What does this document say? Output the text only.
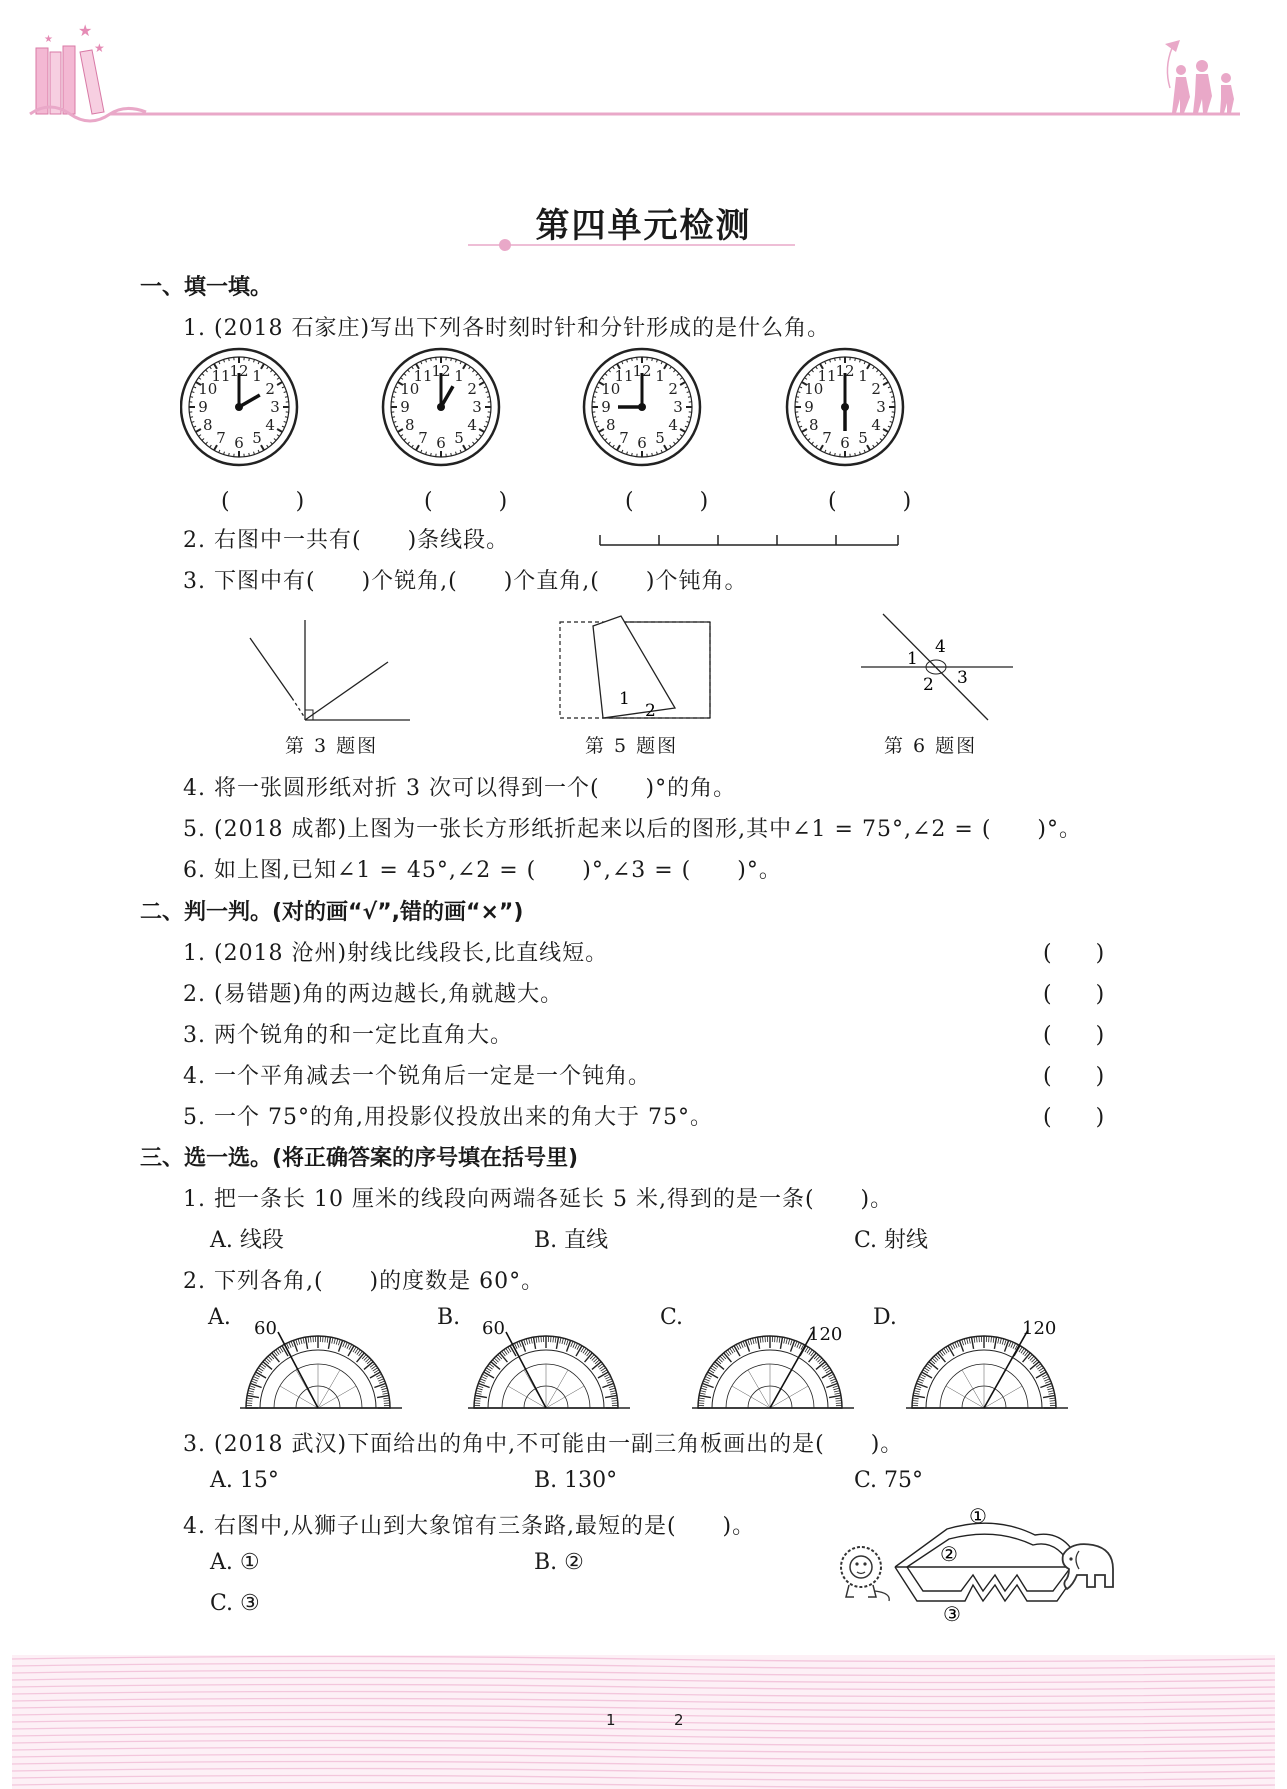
★
★
★
第四单元检测
一、填一填。
1. (2018 石家庄)写出下列各时刻时针和分针形成的是什么角。
12 1
2
3
4
5
6
7
8
9
10
11	12 1
2
3
4
5
6
7
8
9
10
11	12 1
2
3
4
5
6
7
8
9
10
11	12 1
2
3
4
5
6
7
8
9
10
11
(　　　)	(　　　)	(　　　)	(　　　)
2. 右图中一共有(　　)条线段。
3. 下图中有(　　)个锐角,(　　)个直角,(　　)个钝角。
第 3 题图
1
2
第 5 题图
1
2 3
4
第 6 题图
4. 将一张圆形纸对折 3 次可以得到一个(　　)°的角。
5. (2018 成都)上图为一张长方形纸折起来以后的图形,其中∠1 = 75°,∠2 = (　　)°。
6. 如上图,已知∠1 = 45°,∠2 = (　　)°,∠3 = (　　)°。
二、判一判。(对的画“√”,错的画“×”)
1. (2018 沧州)射线比线段长,比直线短。	(　　)
2. (易错题)角的两边越长,角就越大。	(　　)
3. 两个锐角的和一定比直角大。	(　　)
4. 一个平角减去一个锐角后一定是一个钝角。	(　　)
5. 一个 75°的角,用投影仪投放出来的角大于 75°。	(　　)
三、选一选。(将正确答案的序号填在括号里)
1. 把一条长 10 厘米的线段向两端各延长 5 米,得到的是一条(　　)。
A. 线段	B. 直线	C. 射线
2. 下列各角,(　　)的度数是 60°。
A.	B.	C.	D.
60	60	120	120
3. (2018 武汉)下面给出的角中,不可能由一副三角板画出的是(　　)。
A. 15°	B. 130°	C. 75°
4. 右图中,从狮子山到大象馆有三条路,最短的是(　　)。
A. ①	B. ②
C. ③
①
②
③
1	2
